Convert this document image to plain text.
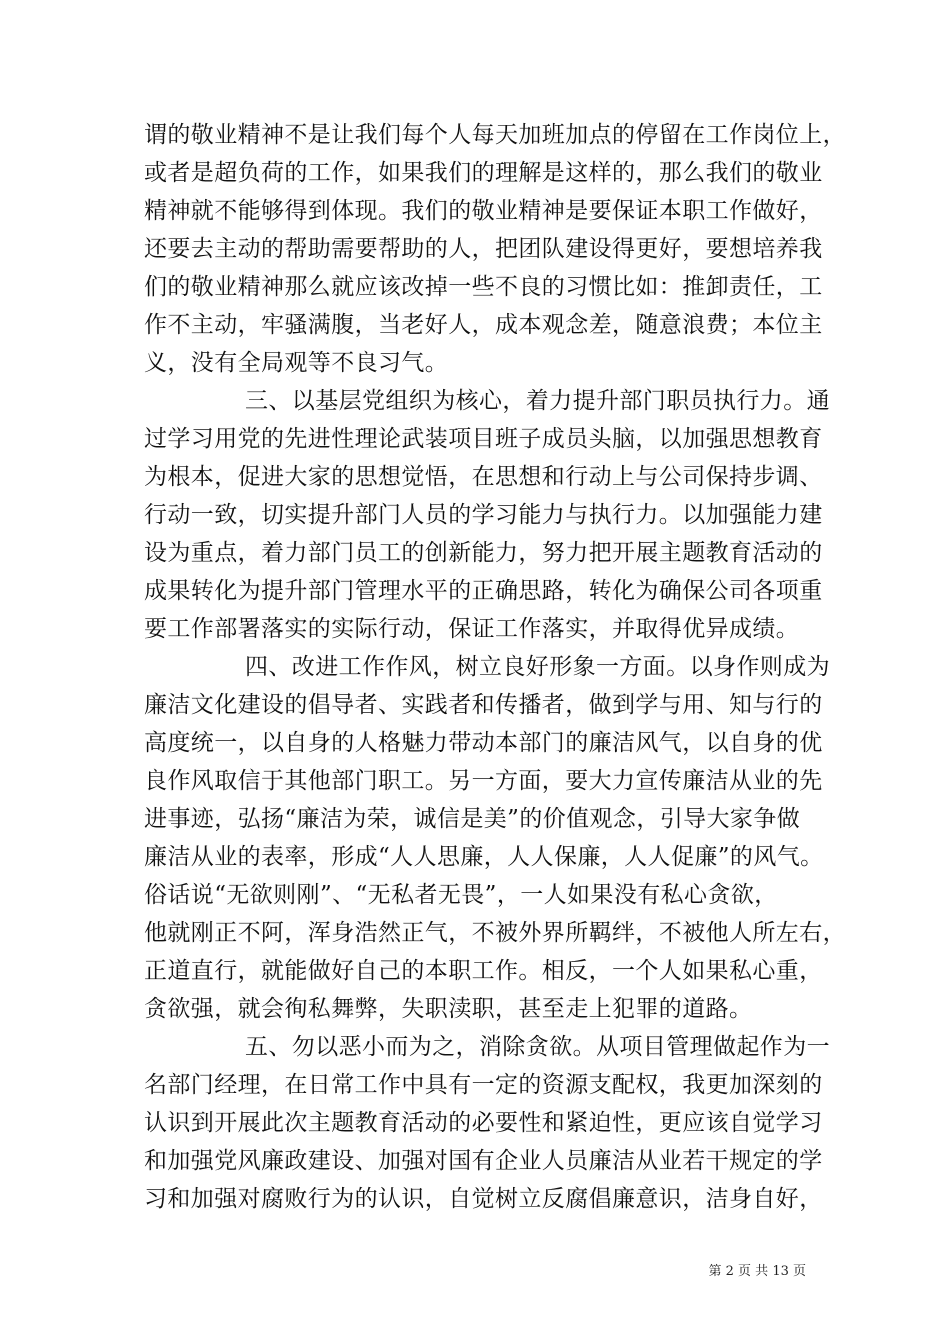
谓的敬业精神不是让我们每个人每天加班加点的停留在工作岗位上，
或者是超负荷的工作，如果我们的理解是这样的，那么我们的敬业
精神就不能够得到体现。我们的敬业精神是要保证本职工作做好，
还要去主动的帮助需要帮助的人，把团队建设得更好，要想培养我
们的敬业精神那么就应该改掉一些不良的习惯比如：推卸责任，工
作不主动，牢骚满腹，当老好人，成本观念差，随意浪费；本位主
义，没有全局观等不良习气。
三、以基层党组织为核心，着力提升部门职员执行力。通
过学习用党的先进性理论武装项目班子成员头脑，以加强思想教育
为根本，促进大家的思想觉悟，在思想和行动上与公司保持步调、
行动一致，切实提升部门人员的学习能力与执行力。以加强能力建
设为重点，着力部门员工的创新能力，努力把开展主题教育活动的
成果转化为提升部门管理水平的正确思路，转化为确保公司各项重
要工作部署落实的实际行动，保证工作落实，并取得优异成绩。
四、改进工作作风，树立良好形象一方面。以身作则成为
廉洁文化建设的倡导者、实践者和传播者，做到学与用、知与行的
高度统一，以自身的人格魅力带动本部门的廉洁风气，以自身的优
良作风取信于其他部门职工。另一方面，要大力宣传廉洁从业的先
进事迹，弘扬“廉洁为荣，诚信是美”的价值观念，引导大家争做
廉洁从业的表率，形成“人人思廉，人人保廉，人人促廉”的风气。
俗话说“无欲则刚”、“无私者无畏”，一人如果没有私心贪欲，
他就刚正不阿，浑身浩然正气，不被外界所羁绊，不被他人所左右，
正道直行，就能做好自己的本职工作。相反，一个人如果私心重，
贪欲强，就会徇私舞弊，失职渎职，甚至走上犯罪的道路。
五、勿以恶小而为之，消除贪欲。从项目管理做起作为一
名部门经理，在日常工作中具有一定的资源支配权，我更加深刻的
认识到开展此次主题教育活动的必要性和紧迫性，更应该自觉学习
和加强党风廉政建设、加强对国有企业人员廉洁从业若干规定的学
习和加强对腐败行为的认识，自觉树立反腐倡廉意识，洁身自好，
第 2 页 共 13 页
